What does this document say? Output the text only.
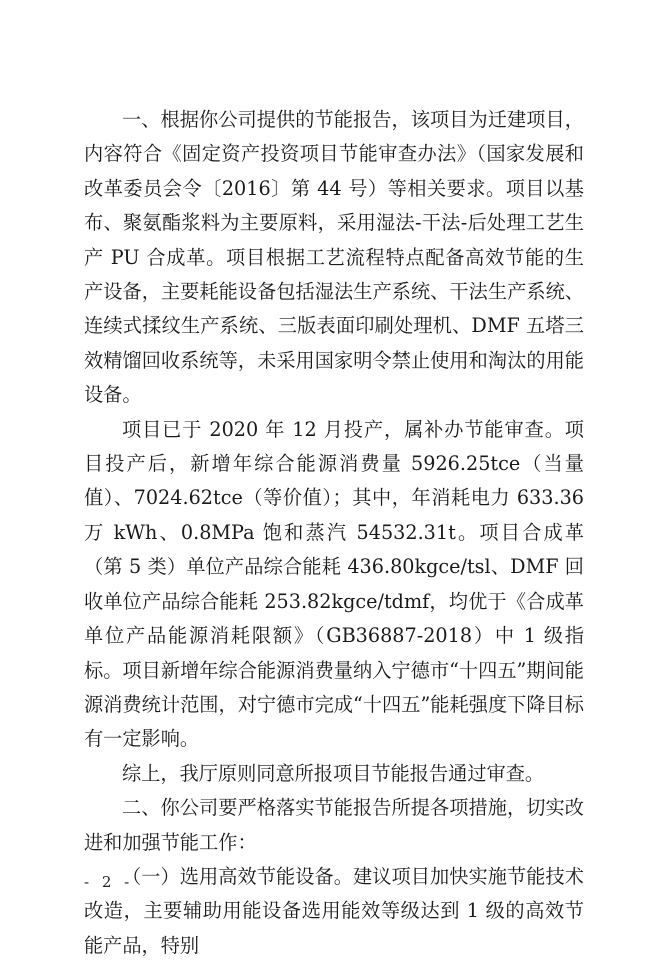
一、根据你公司提供的节能报告，该项目为迁建项目，内容符合《固定资产投资项目节能审查办法》（国家发展和改革委员会令〔2016〕第 44 号）等相关要求。项目以基布、聚氨酯浆料为主要原料，采用湿法-干法-后处理工艺生产 PU 合成革。项目根据工艺流程特点配备高效节能的生产设备，主要耗能设备包括湿法生产系统、干法生产系统、连续式揉纹生产系统、三版表面印刷处理机、DMF 五塔三效精馏回收系统等，未采用国家明令禁止使用和淘汰的用能设备。

项目已于 2020 年 12 月投产，属补办节能审查。项目投产后，新增年综合能源消费量 5926.25tce（当量值）、7024.62tce（等价值）；其中，年消耗电力 633.36 万 kWh、0.8MPa 饱和蒸汽 54532.31t。项目合成革（第 5 类）单位产品综合能耗 436.80kgce/tsl、DMF 回收单位产品综合能耗 253.82kgce/tdmf，均优于《合成革单位产品能源消耗限额》（GB36887-2018）中 1 级指标。项目新增年综合能源消费量纳入宁德市“十四五”期间能源消费统计范围，对宁德市完成“十四五”能耗强度下降目标有一定影响。

综上，我厅原则同意所报项目节能报告通过审查。

二、你公司要严格落实节能报告所提各项措施，切实改进和加强节能工作：

（一）选用高效节能设备。建议项目加快实施节能技术改造，主要辅助用能设备选用能效等级达到 1 级的高效节能产品，特别

- 2 -
